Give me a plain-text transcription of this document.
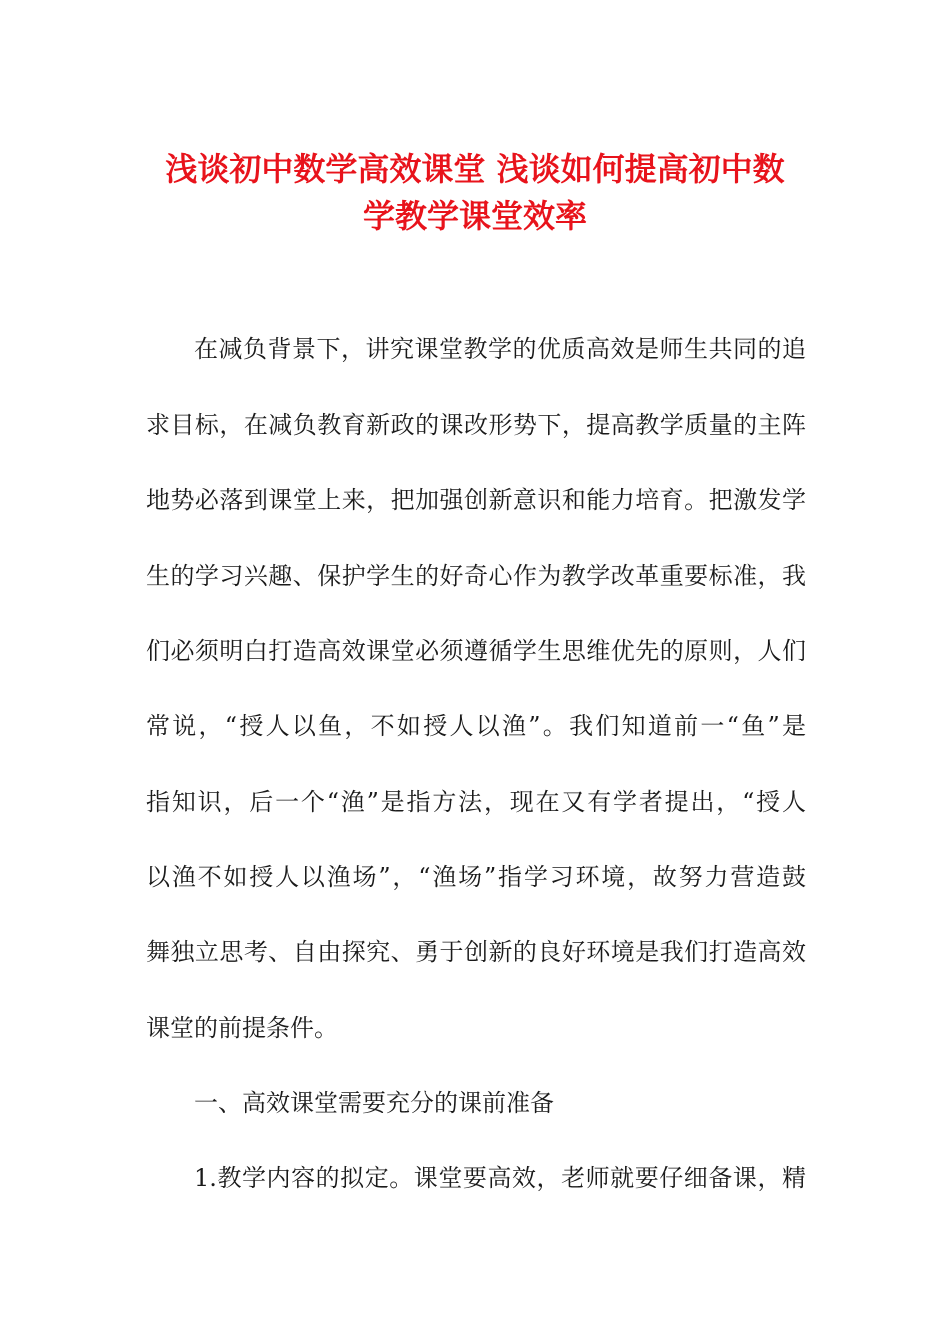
浅谈初中数学高效课堂 浅谈如何提高初中数
学教学课堂效率

在减负背景下，讲究课堂教学的优质高效是师生共同的追

求目标，在减负教育新政的课改形势下，提高教学质量的主阵

地势必落到课堂上来，把加强创新意识和能力培育。把激发学

生的学习兴趣、保护学生的好奇心作为教学改革重要标准，我

们必须明白打造高效课堂必须遵循学生思维优先的原则，人们

常说，“授人以鱼，不如授人以渔”。我们知道前一“鱼”是

指知识，后一个“渔”是指方法，现在又有学者提出，“授人

以渔不如授人以渔场”，“渔场”指学习环境，故努力营造鼓

舞独立思考、自由探究、勇于创新的良好环境是我们打造高效

课堂的前提条件。

一、高效课堂需要充分的课前准备

1.教学内容的拟定。课堂要高效，老师就要仔细备课，精
